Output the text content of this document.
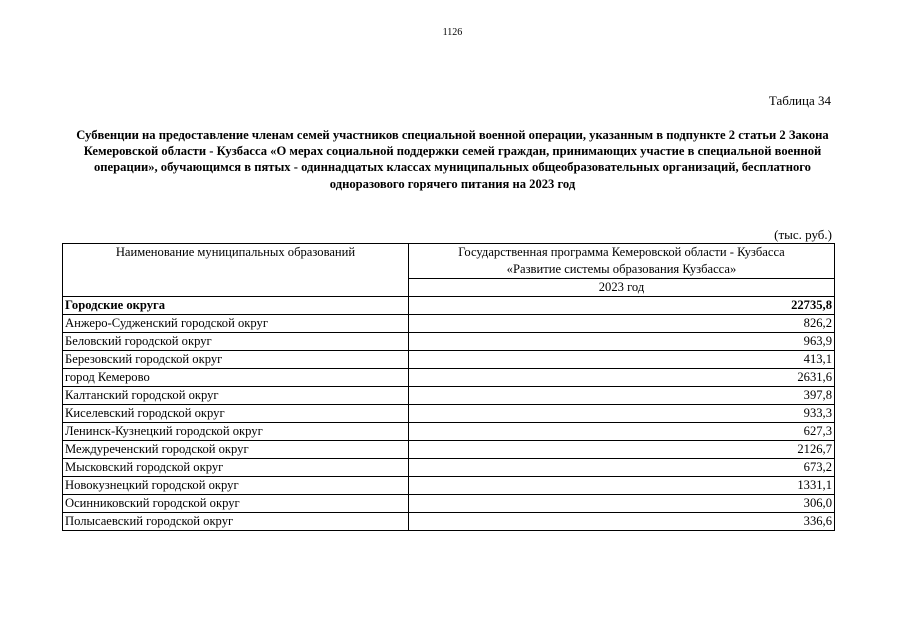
1126
Таблица 34
Субвенции на предоставление членам семей участников специальной военной операции, указанным в подпункте 2 статьи 2 Закона Кемеровской области - Кузбасса «О мерах социальной поддержки семей граждан, принимающих участие в специальной военной операции», обучающимся в пятых - одиннадцатых классах муниципальных общеобразовательных организаций, бесплатного одноразового горячего питания на 2023 год
(тыс. руб.)
Наименование муниципальных образований	Государственная программа Кемеровской области - Кузбасса
«Развитие системы образования Кузбасса»

	2023 год
Городские округа	22735,8
Анжеро-Судженский городской округ	826,2
Беловский городской округ	963,9
Березовский городской округ	413,1
город Кемерово	2631,6
Калтанский городской округ	397,8
Киселевский городской округ	933,3
Ленинск-Кузнецкий городской округ	627,3
Междуреченский городской округ	2126,7
Мысковский городской округ	673,2
Новокузнецкий городской округ	1331,1
Осинниковский городской округ	306,0
Полысаевский городской округ	336,6
